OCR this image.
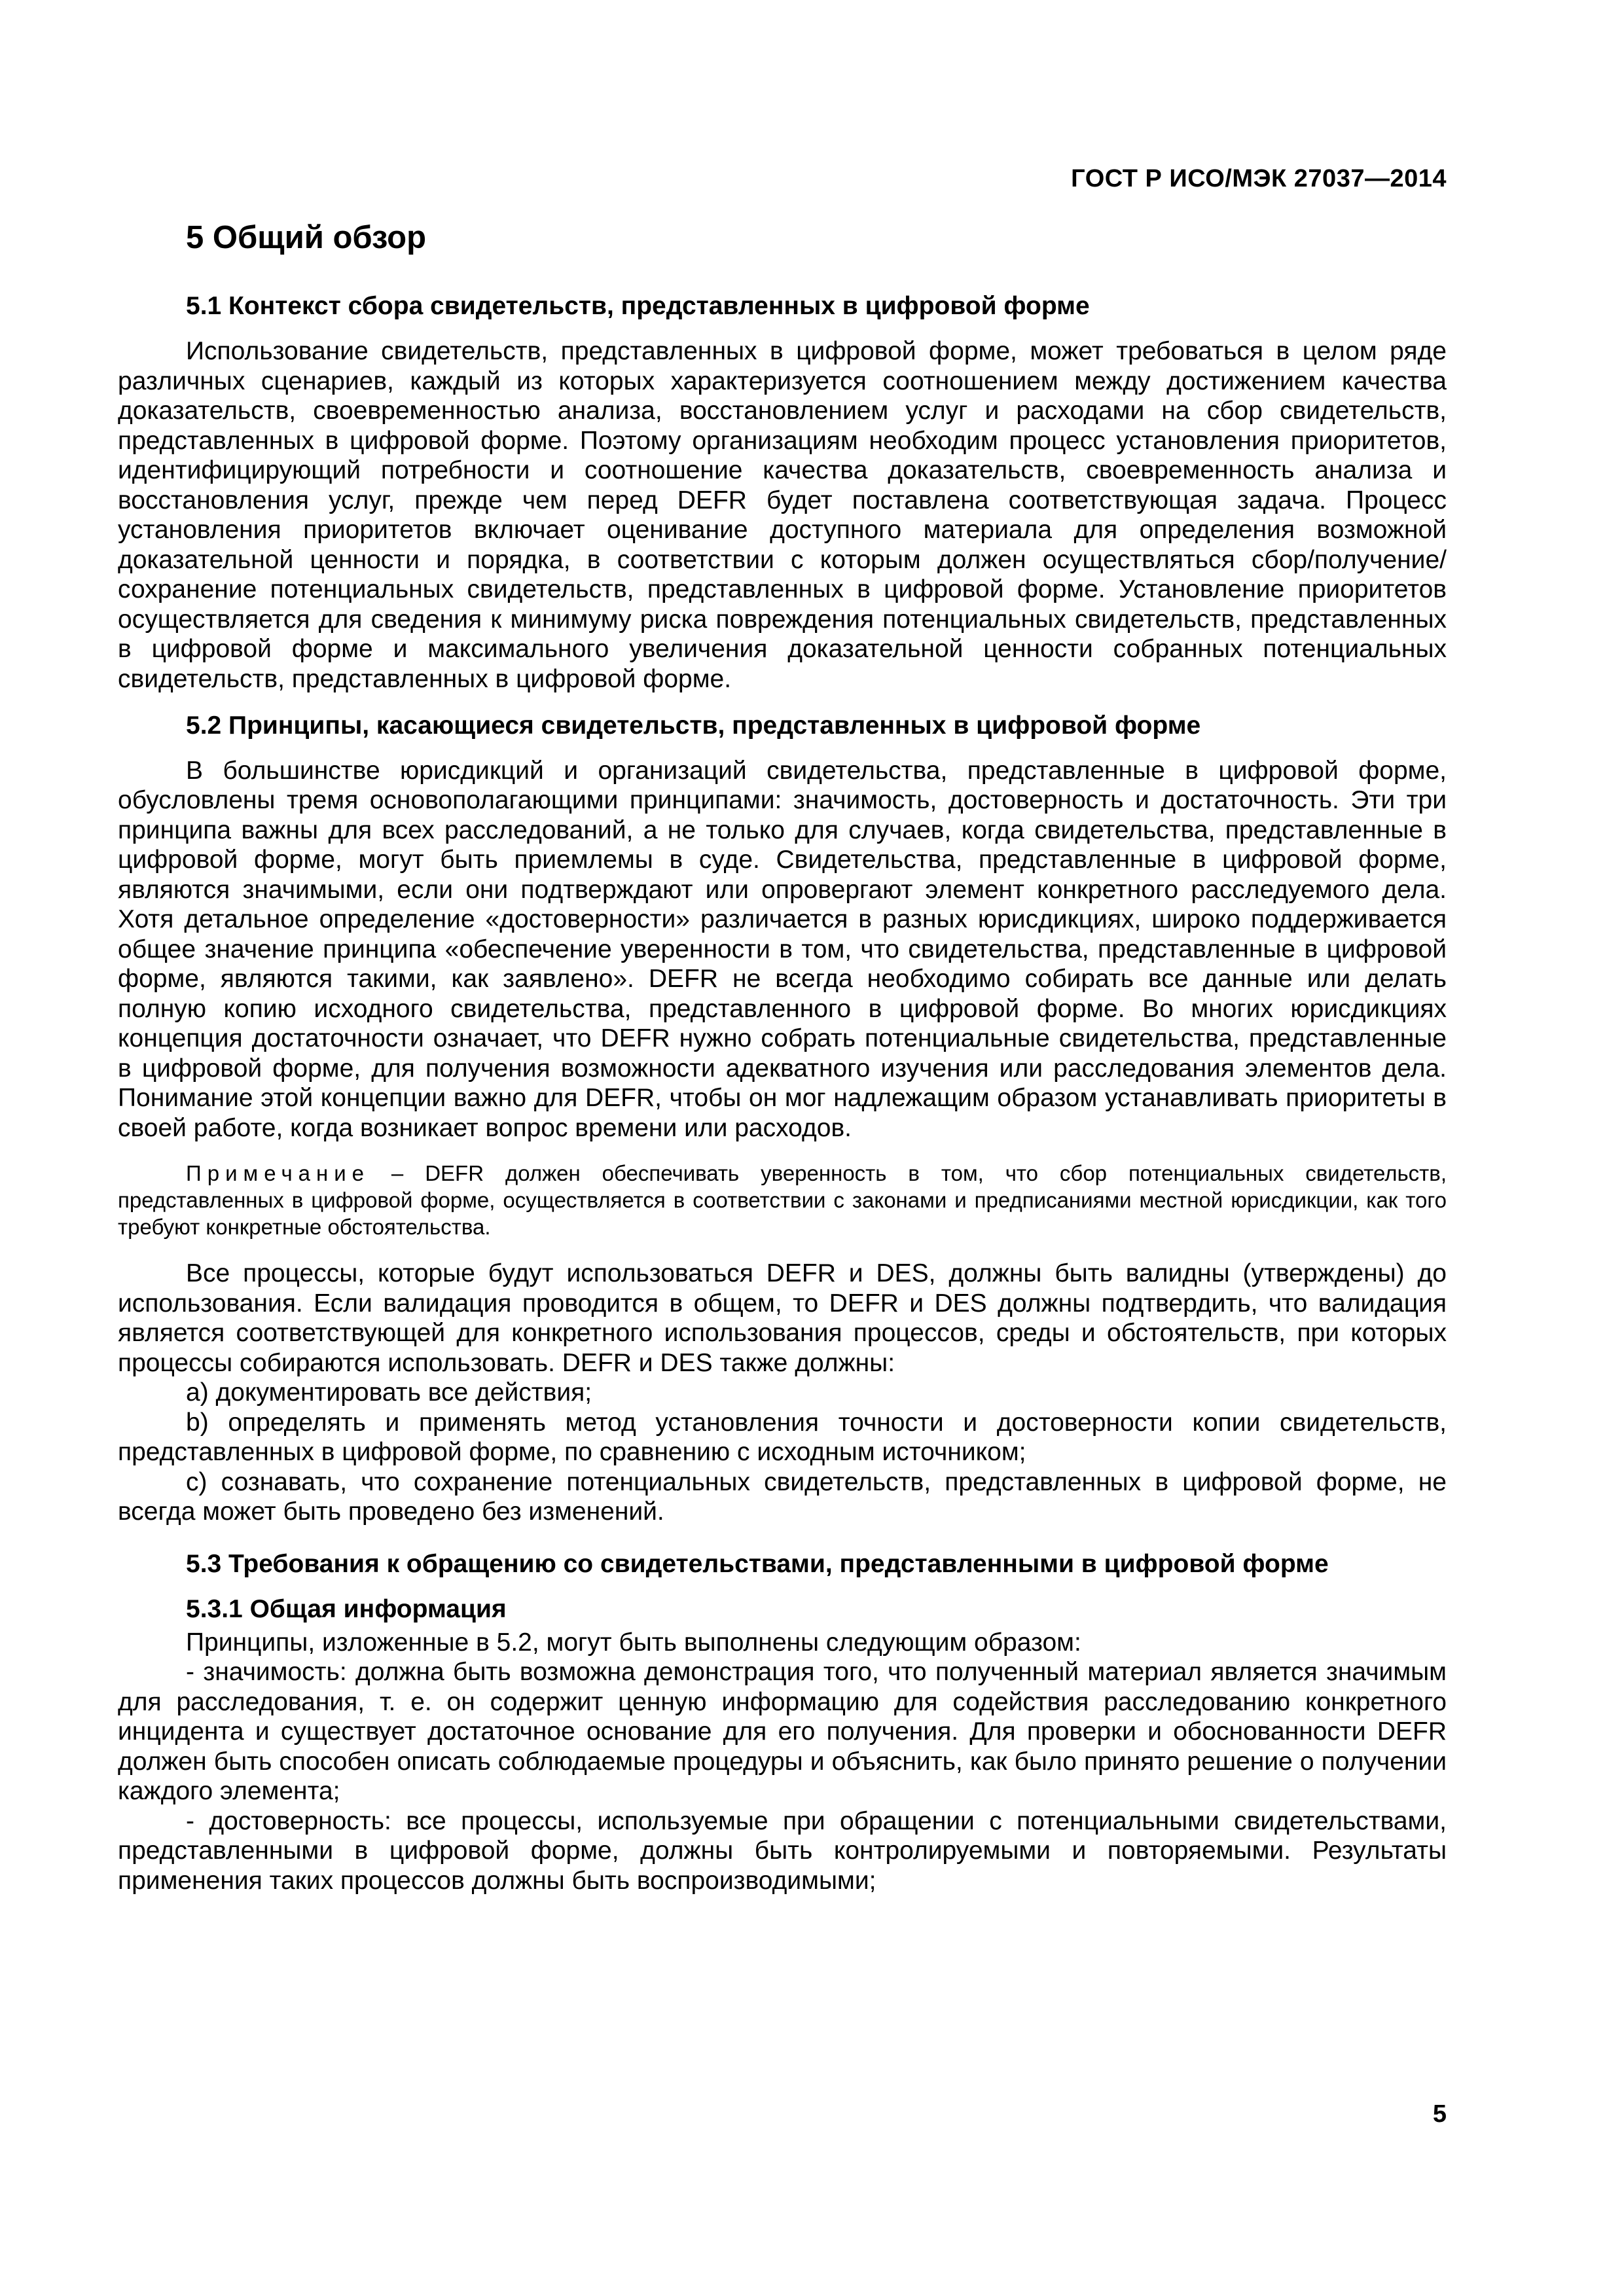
ГОСТ Р ИСО/МЭК 27037—2014
5 Общий обзор
5.1 Контекст сбора свидетельств, представленных в цифровой форме

Использование свидетельств, представленных в цифровой форме, может требоваться в целом ряде различных сценариев, каждый из которых характеризуется соотношением между достижением качества доказательств, своевременностью анализа, восстановлением услуг и расходами на сбор свидетельств, представленных в цифровой форме. Поэтому организациям необходим процесс установления приоритетов, идентифицирующий потребности и соотношение качества доказательств, своевременность анализа и восстановления услуг, прежде чем перед DEFR будет поставлена соответствующая задача. Процесс установления приоритетов включает оценивание доступного материала для определения возможной доказательной ценности и порядка, в соответствии с которым должен осуществляться сбор/получение/сохранение потенциальных свидетельств, представленных в цифровой форме. Установление приоритетов осуществляется для сведения к минимуму риска повреждения потенциальных свидетельств, представленных в цифровой форме и максимального увеличения доказательной ценности собранных потенциальных свидетельств, представленных в цифровой форме.

5.2 Принципы, касающиеся свидетельств, представленных в цифровой форме

В большинстве юрисдикций и организаций свидетельства, представленные в цифровой форме, обусловлены тремя основополагающими принципами: значимость, достоверность и достаточность. Эти три принципа важны для всех расследований, а не только для случаев, когда свидетельства, представленные в цифровой форме, могут быть приемлемы в суде. Свидетельства, представленные в цифровой форме, являются значимыми, если они подтверждают или опровергают элемент конкретного расследуемого дела. Хотя детальное определение «достоверности» различается в разных юрисдикциях, широко поддерживается общее значение принципа «обеспечение уверенности в том, что свидетельства, представленные в цифровой форме, являются такими, как заявлено». DEFR не всегда необходимо собирать все данные или делать полную копию исходного свидетельства, представленного в цифровой форме. Во многих юрисдикциях концепция достаточности означает, что DEFR нужно собрать потенциальные свидетельства, представленные в цифровой форме, для получения возможности адекватного изучения или расследования элементов дела. Понимание этой концепции важно для DEFR, чтобы он мог надлежащим образом устанавливать приоритеты в своей работе, когда возникает вопрос времени или расходов.

Примечание – DEFR должен обеспечивать уверенность в том, что сбор потенциальных свидетельств, представленных в цифровой форме, осуществляется в соответствии с законами и предписаниями местной юрисдикции, как того требуют конкретные обстоятельства.

Все процессы, которые будут использоваться DEFR и DES, должны быть валидны (утверждены) до использования. Если валидация проводится в общем, то DEFR и DES должны подтвердить, что валидация является соответствующей для конкретного использования процессов, среды и обстоятельств, при которых процессы собираются использовать. DEFR и DES также должны:

a) документировать все действия;

b) определять и применять метод установления точности и достоверности копии свидетельств, представленных в цифровой форме, по сравнению с исходным источником;

c) сознавать, что сохранение потенциальных свидетельств, представленных в цифровой форме, не всегда может быть проведено без изменений.

5.3 Требования к обращению со свидетельствами, представленными в цифровой форме
5.3.1 Общая информация

Принципы, изложенные в 5.2, могут быть выполнены следующим образом:

- значимость: должна быть возможна демонстрация того, что полученный материал является значимым для расследования, т. е. он содержит ценную информацию для содействия расследованию конкретного инцидента и существует достаточное основание для его получения. Для проверки и обоснованности DEFR должен быть способен описать соблюдаемые процедуры и объяснить, как было принято решение о получении каждого элемента;

- достоверность: все процессы, используемые при обращении с потенциальными свидетельствами, представленными в цифровой форме, должны быть контролируемыми и повторяемыми. Результаты применения таких процессов должны быть воспроизводимыми;

5
